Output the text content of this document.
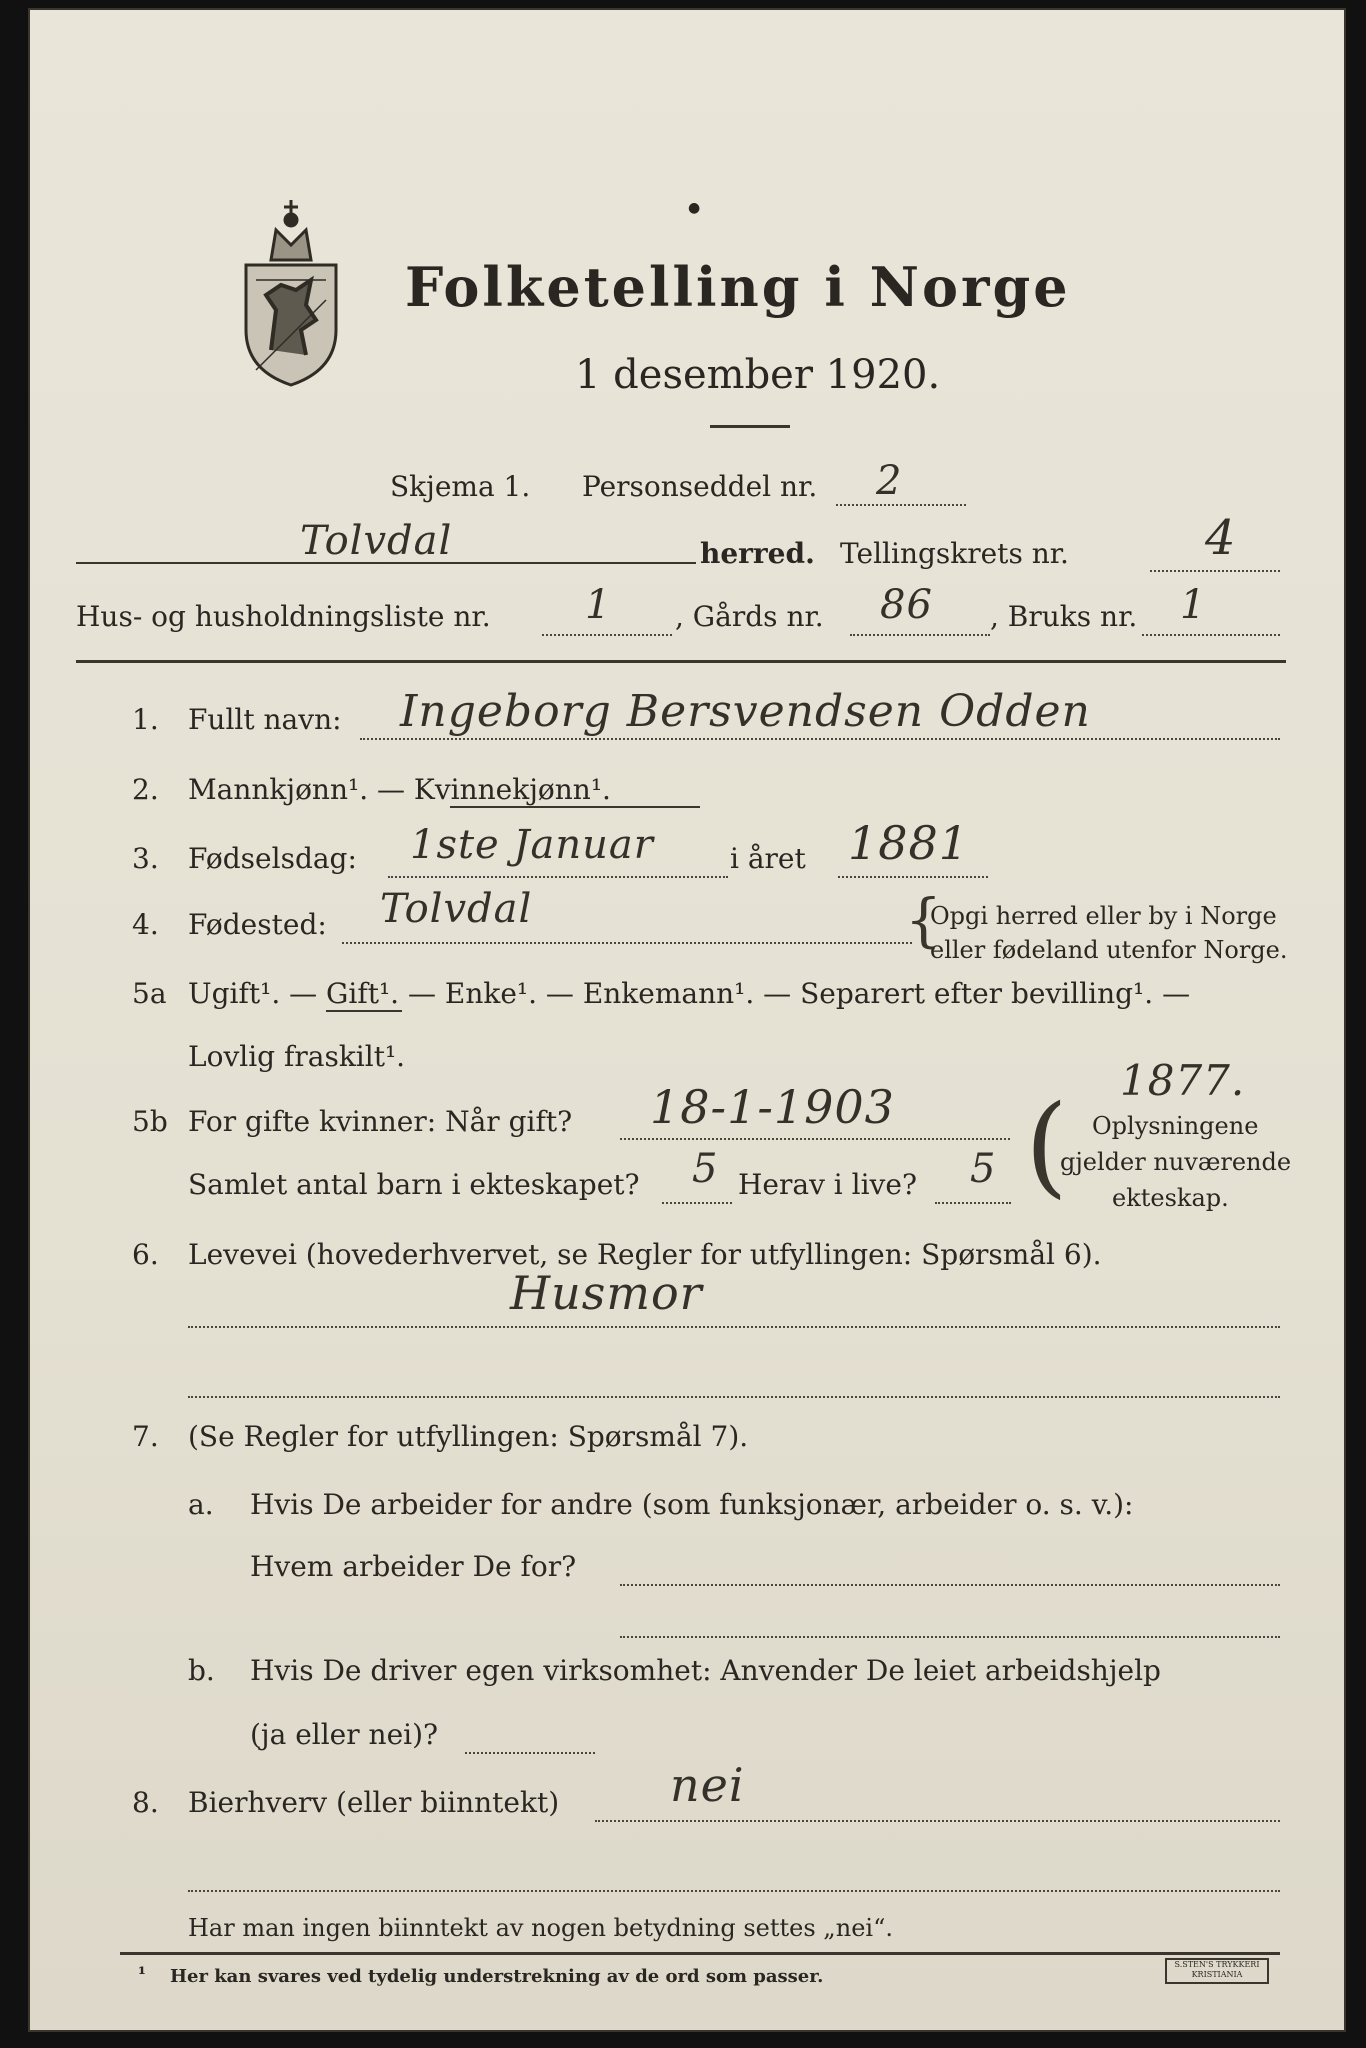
●
Folketelling i Norge
1 desember 1920.
Skjema 1. Personseddel nr. 2
Tolvdal	herred. Tellingskrets nr.	4
Hus- og husholdningsliste nr. 1 , Gårds nr. 86 , Bruks nr. 1
1. Fullt navn: Ingeborg Bersvendsen Odden
2. Mannkjønn¹. — Kvinnekjønn¹.
3. Fødselsdag: 1ste Januar	i året 1881
4. Fødested: Tolvdal	{
Opgi herred eller by i Norge
eller fødeland utenfor Norge.
5a Ugift¹. — Gift¹. — Enke¹. — Enkemann¹. — Separert efter bevilling¹. —
Lovlig fraskilt¹.
5b For gifte kvinner: Når gift? 18-1-1903	1877.
Samlet antal barn i ekteskapet? 5 Herav i live? 5 ( Oplysningene
gjelder nuværende
ekteskap.
6. Levevei (hovederhvervet, se Regler for utfyllingen: Spørsmål 6).
Husmor
7. (Se Regler for utfyllingen: Spørsmål 7).
a. Hvis De arbeider for andre (som funksjonær, arbeider o. s. v.):
Hvem arbeider De for?
b. Hvis De driver egen virksomhet: Anvender De leiet arbeidshjelp
(ja eller nei)?
8. Bierhverv (eller biinntekt) nei
Har man ingen biinntekt av nogen betydning settes „nei“.
¹ Her kan svares ved tydelig understrekning av de ord som passer.
S.STEN'S TRYKKERI KRISTIANIA
